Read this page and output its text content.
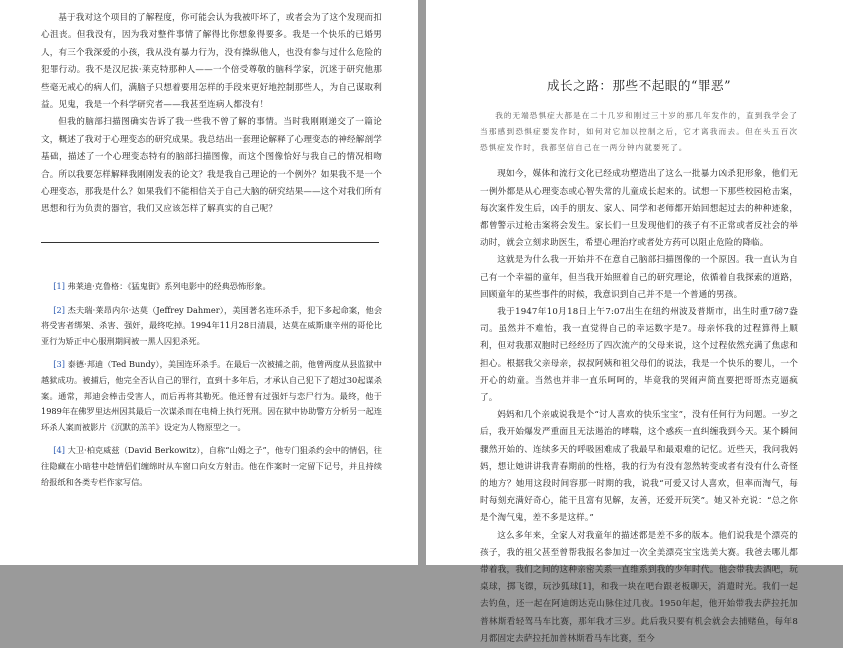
基于我对这个项目的了解程度，你可能会认为我被吓坏了，或者会为了这个发现而扣心沮丧。但我没有，因为我对整件事情了解得比你想象得要多。我是一个快乐的已婚男人，有三个我深爱的小孩，我从没有暴力行为，没有操纵他人，也没有参与过什么危险的犯罪行动。我不是汉尼拔·莱克特那种人——一个倍受尊敬的脑科学家，沉迷于研究他那些毫无戒心的病人们，满脑子只想着要用怎样的手段来更好地控制那些人，为自己谋取利益。见鬼，我是一个科学研究者——我甚至连病人都没有！

但我的脑部扫描图确实告诉了我一些我不曾了解的事情。当时我刚刚递交了一篇论文，概述了我对于心理变态的研究成果。我总结出一套理论解释了心理变态的神经解剖学基础，描述了一个心理变态特有的脑部扫描图像，而这个图像恰好与我自己的情况相吻合。所以我要怎样解释我刚刚发表的论文？我是我自己理论的一个例外？如果我不是一个心理变态，那我是什么？如果我们不能相信关于自己大脑的研究结果——这个对我们所有思想和行为负责的器官，我们又应该怎样了解真实的自己呢？

[1] 弗莱迪·克鲁格：《猛鬼街》系列电影中的经典恐怖形象。

[2] 杰夫瑞·莱昂内尔·达莫（Jeffrey Dahmer），美国著名连环杀手，犯下多起命案，他会将受害者绑架、杀害、强奸，最终吃掉。1994年11月28日清晨，达莫在威斯康辛州的哥伦比亚行为矫正中心服刑期间被一黑人囚犯杀死。

[3] 泰德·邦迪（Ted Bundy），美国连环杀手。在最后一次被捕之前，他曾两度从县监狱中越狱成功。被捕后，他完全否认自己的罪行，直到十多年后，才承认自己犯下了超过30起谋杀案。通常，邦迪会棒击受害人，而后再将其勒死。他还曾有过强奸与恋尸行为。最终，他于1989年在佛罗里达州因其最后一次谋杀而在电椅上执行死刑。因在狱中协助警方分析另一起连环杀人案而被影片《沉默的羔羊》设定为人物原型之一。

[4] 大卫·柏克威兹（David Berkowitz），自称“山姆之子”，他专门狙杀约会中的情侣，往往隐藏在小暗巷中趁情侣们缠绵时从车窗口向女方射击。他在作案时一定留下记号，并且持续给报纸和各类专栏作家写信。

成长之路：那些不起眼的“罪恶”

我的无端恐惧症大都是在二十几岁和刚过三十岁的那几年发作的，直到我学会了当那感到恐惧症要发作时，如何对它加以控制之后，它才离我而去。但在头五百次恐惧症发作时，我都坚信自己在一两分钟内就要死了。

现如今，媒体和流行文化已经成功塑造出了这么一批暴力凶杀犯形象，他们无一例外都是从心理变态或心智失常的儿童成长起来的。试想一下那些校园枪击案，每次案件发生后，凶手的朋友、家人、同学和老师都开始回想起过去的种种迹象，都曾警示过枪击案将会发生。家长们一旦发现他们的孩子有不正常或者反社会的举动时，就会立刻求助医生，希望心理治疗或者处方药可以阻止危险的降临。

这就是为什么我一开始并不在意自己脑部扫描图像的一个原因。我一直认为自己有一个幸福的童年，但当我开始照着自己的研究理论，依循着自我探索的道路，回顾童年的某些事件的时候，我意识到自己并不是一个普通的男孩。

我于1947年10月18日上午7:07出生在纽约州波及普斯市，出生时重7磅7盎司。虽然并不难怡，我一直觉得自己的幸运数字是7。母亲怀我的过程算得上顺利，但对我那双胞时已经经历了四次流产的父母来说，这个过程依然充满了焦虑和担心。根据我父亲母亲，叔叔阿姨和祖父母们的说法，我是一个快乐的婴儿，一个开心的幼童。当然也并非一直乐呵呵的，毕竟我的哭闹声简直要把哥哥杰克逼疯了。

妈妈和几个亲戚说我是个“讨人喜欢的快乐宝宝”，没有任何行为问题。一岁之后，我开始爆发严重面且无法遏治的哮喘，这个惑疾一直纠缠我到今天。某个瞬间骤然开始的、连续多天的呼吸困难成了我最早和最艰难的记忆。近些天，我问我妈妈，想让她讲讲我青春期前的性格，我的行为有没有忽然转变或者有没有什么奇怪的地方？她用这段时间容那一时期的我，说我“可爱又讨人喜欢，但率而淘气，每时每刻充满好奇心，能干且富有见解，友善，还爱开玩笑”。她又补充说：“总之你是个淘气鬼，差不多是这样。”

这么多年来，全家人对我童年的描述都是差不多的版本。他们说我是个漂亮的孩子，我的祖父甚至曾帮我报名参加过一次全美漂亮宝宝选美大赛。我爸去哪儿都带着我，我们之间的这种亲密关系一直维系到我的少年时代。他会带我去酒吧，玩桌球，掷飞镖，玩沙狐球[1]，和我一块在吧台跟老板聊天，消遣时光。我们一起去钓鱼，还一起在阿迪朗达克山脉住过几夜。1950年起，他开始带我去萨拉托加普林斯看轻驾马车比赛，那年我才三岁。此后我只要有机会就会去捕赌鱼，每年8月都固定去萨拉托加普林斯看马车比赛，至今
